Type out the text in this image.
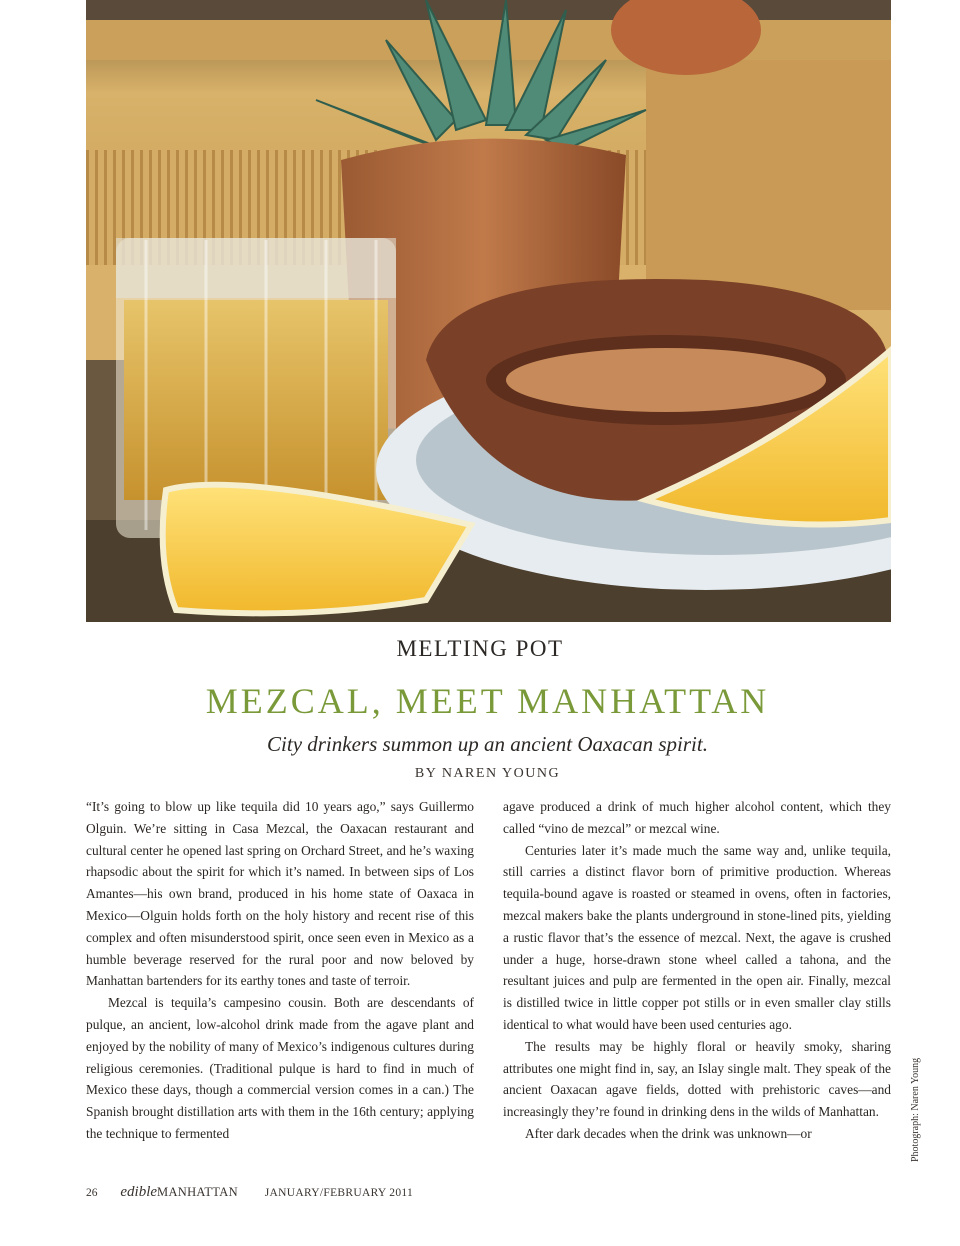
Photograph: Naren Young
MELTING POT
MEZCAL, MEET MANHATTAN
City drinkers summon up an ancient Oaxacan spirit.
BY NAREN YOUNG

“It’s going to blow up like tequila did 10 years ago,” says Guillermo Olguin. We’re sitting in Casa Mezcal, the Oaxacan restaurant and cultural center he opened last spring on Orchard Street, and he’s waxing rhapsodic about the spirit for which it’s named. In between sips of Los Amantes—his own brand, produced in his home state of Oaxaca in Mexico—Olguin holds forth on the holy history and recent rise of this complex and often misunderstood spirit, once seen even in Mexico as a humble beverage reserved for the rural poor and now beloved by Manhattan bartenders for its earthy tones and taste of terroir.

Mezcal is tequila’s campesino cousin. Both are descendants of pulque, an ancient, low-alcohol drink made from the agave plant and enjoyed by the nobility of many of Mexico’s indigenous cultures during religious ceremonies. (Traditional pulque is hard to find in much of Mexico these days, though a commercial version comes in a can.) The Spanish brought distillation arts with them in the 16th century; applying the technique to fermented

agave produced a drink of much higher alcohol content, which they called “vino de mezcal” or mezcal wine.

Centuries later it’s made much the same way and, unlike tequila, still carries a distinct flavor born of primitive production. Whereas tequila-bound agave is roasted or steamed in ovens, often in factories, mezcal makers bake the plants underground in stone-lined pits, yielding a rustic flavor that’s the essence of mezcal. Next, the agave is crushed under a huge, horse-drawn stone wheel called a tahona, and the resultant juices and pulp are fermented in the open air. Finally, mezcal is distilled twice in little copper pot stills or in even smaller clay stills identical to what would have been used centuries ago.

The results may be highly floral or heavily smoky, sharing attributes one might find in, say, an Islay single malt. They speak of the ancient Oaxacan agave fields, dotted with prehistoric caves—and increasingly they’re found in drinking dens in the wilds of Manhattan.

After dark decades when the drink was unknown—or

26 edibleMANHATTAN JANUARY/FEBRUARY 2011
